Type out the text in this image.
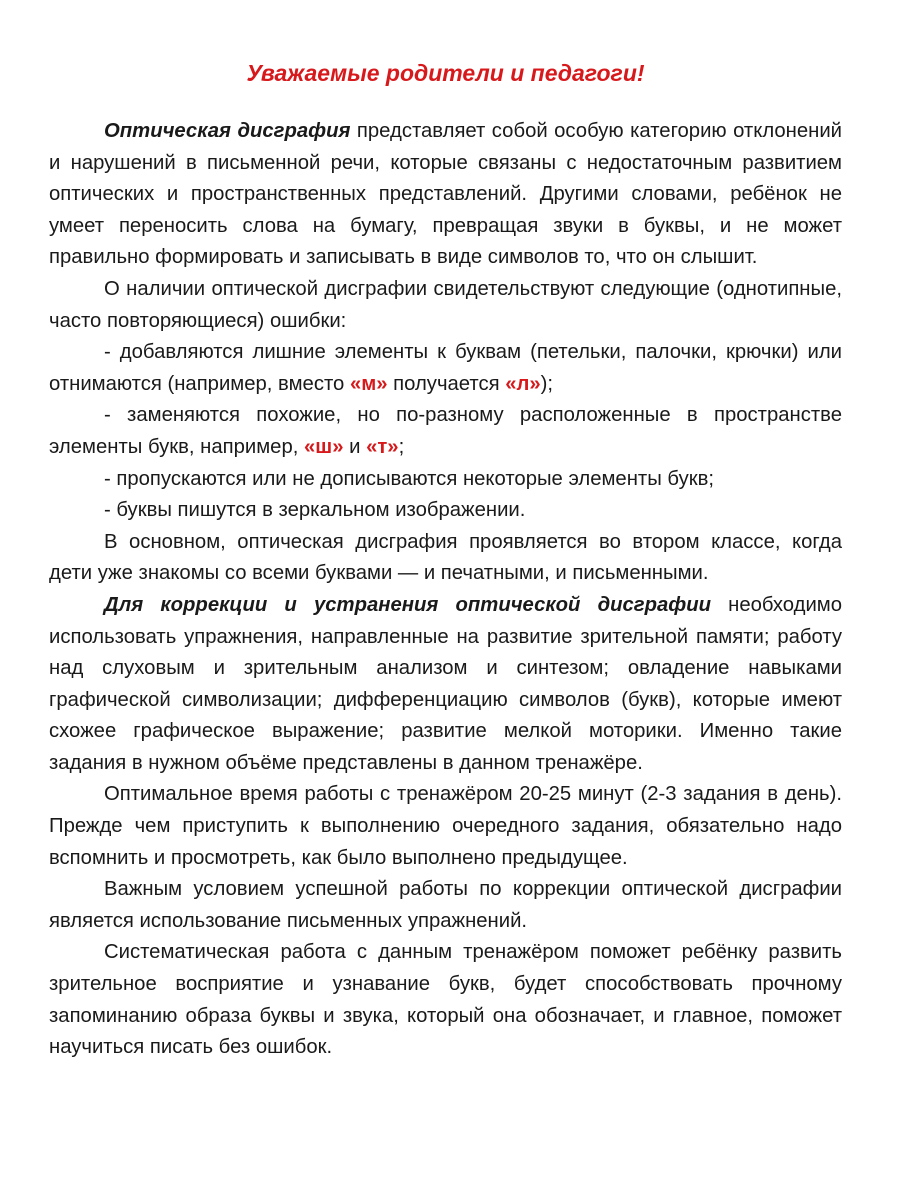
Уважаемые родители и педагоги!

Оптическая дисграфия представляет собой особую категорию отклонений и нарушений в письменной речи, которые связаны с недостаточным развитием оптических и пространственных представлений. Другими словами, ребёнок не умеет переносить слова на бумагу, превращая звуки в буквы, и не может правильно формировать и записывать в виде символов то, что он слышит.

О наличии оптической дисграфии свидетельствуют следующие (однотипные, часто повторяющиеся) ошибки:

- добавляются лишние элементы к буквам (петельки, палочки, крючки) или отнимаются (например, вместо «м» получается «л»);

- заменяются похожие, но по-разному расположенные в пространстве элементы букв, например, «ш» и «т»;

- пропускаются или не дописываются некоторые элементы букв;

- буквы пишутся в зеркальном изображении.

В основном, оптическая дисграфия проявляется во втором классе, когда дети уже знакомы со всеми буквами — и печатными, и письменными.

Для коррекции и устранения оптической дисграфии необходимо использовать упражнения, направленные на развитие зрительной памяти; работу над слуховым и зрительным анализом и синтезом; овладение навыками графической символизации; дифференциацию символов (букв), которые имеют схожее графическое выражение; развитие мелкой моторики. Именно такие задания в нужном объёме представлены в данном тренажёре.

Оптимальное время работы с тренажёром 20-25 минут (2-3 задания в день). Прежде чем приступить к выполнению очередного задания, обязательно надо вспомнить и просмотреть, как было выполнено предыдущее.

Важным условием успешной работы по коррекции оптической дисграфии является использование письменных упражнений.

Систематическая работа с данным тренажёром поможет ребёнку развить зрительное восприятие и узнавание букв, будет способствовать прочному запоминанию образа буквы и звука, который она обозначает, и главное, поможет научиться писать без ошибок.
